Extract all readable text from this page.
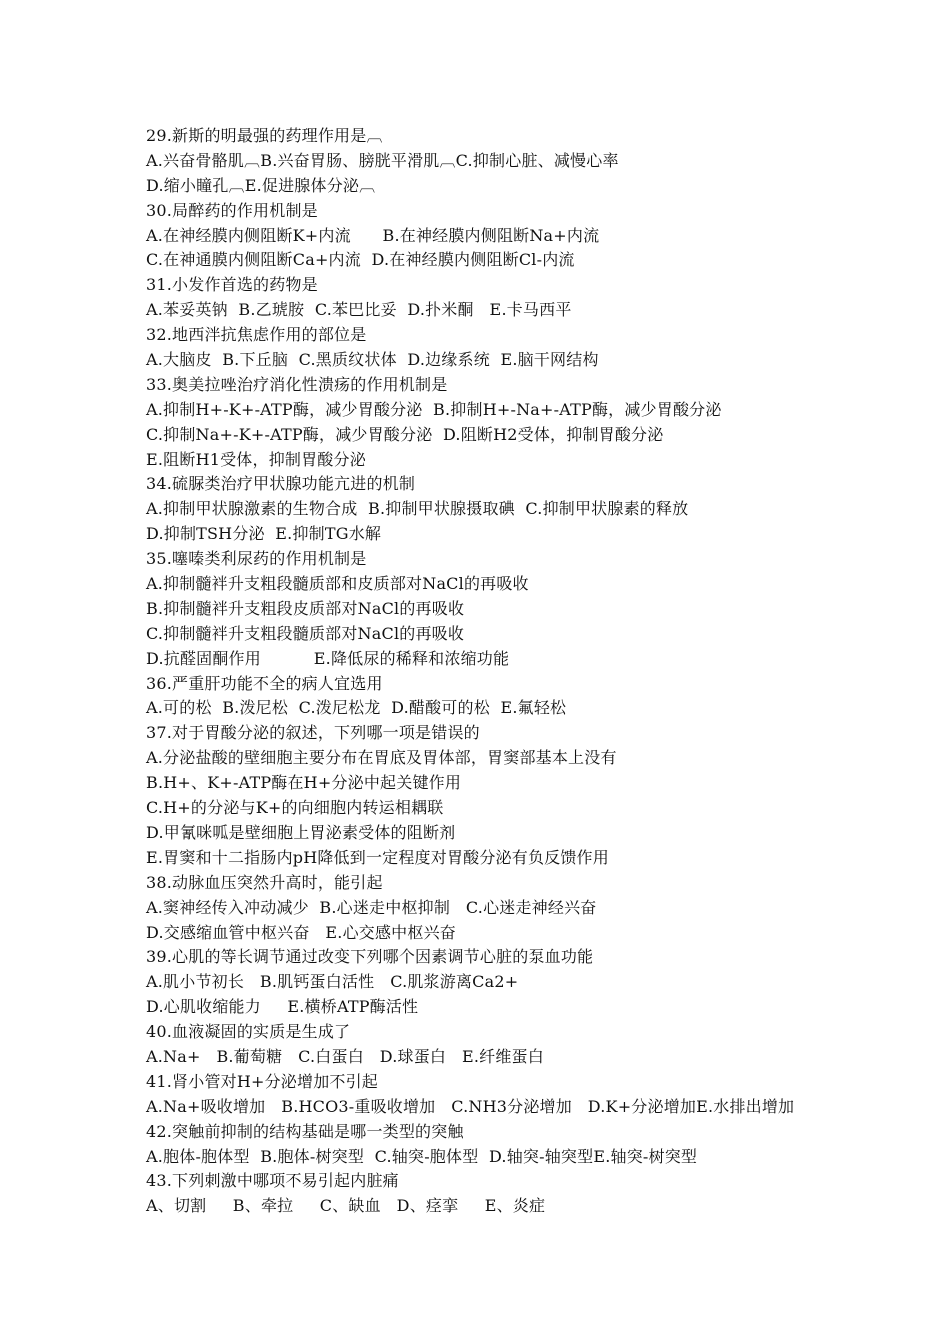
29.新斯的明最强的药理作用是︹
A.兴奋骨骼肌︹B.兴奋胃肠、膀胱平滑肌︹C.抑制心脏、减慢心率
D.缩小瞳孔︹E.促进腺体分泌︹
30.局醉药的作用机制是
A.在神经膜内侧阻断K+内流      B.在神经膜内侧阻断Na+内流
C.在神通膜内侧阻断Ca+内流  D.在神经膜内侧阻断Cl-内流
31.小发作首选的药物是
A.苯妥英钠  B.乙琥胺  C.苯巴比妥  D.扑米酮   E.卡马西平
32.地西泮抗焦虑作用的部位是
A.大脑皮  B.下丘脑  C.黑质纹状体  D.边缘系统  E.脑干网结构
33.奥美拉唑治疗消化性溃疡的作用机制是
A.抑制H+-K+-ATP酶，减少胃酸分泌  B.抑制H+-Na+-ATP酶，减少胃酸分泌
C.抑制Na+-K+-ATP酶，减少胃酸分泌  D.阻断H2受体，抑制胃酸分泌
E.阻断H1受体，抑制胃酸分泌
34.硫脲类治疗甲状腺功能亢进的机制
A.抑制甲状腺激素的生物合成  B.抑制甲状腺摄取碘  C.抑制甲状腺素的释放
D.抑制TSH分泌  E.抑制TG水解
35.噻嗪类利尿药的作用机制是
A.抑制髓袢升支粗段髓质部和皮质部对NaCl的再吸收
B.抑制髓袢升支粗段皮质部对NaCl的再吸收
C.抑制髓袢升支粗段髓质部对NaCl的再吸收
D.抗醛固酮作用          E.降低尿的稀释和浓缩功能
36.严重肝功能不全的病人宜选用
A.可的松  B.泼尼松  C.泼尼松龙  D.醋酸可的松  E.氟轻松
37.对于胃酸分泌的叙述，下列哪一项是错误的
A.分泌盐酸的壁细胞主要分布在胃底及胃体部，胃窦部基本上没有
B.H+、K+-ATP酶在H+分泌中起关键作用
C.H+的分泌与K+的向细胞内转运相耦联
D.甲氰咪呱是壁细胞上胃泌素受体的阻断剂
E.胃窦和十二指肠内pH降低到一定程度对胃酸分泌有负反馈作用
38.动脉血压突然升高时，能引起
A.窦神经传入冲动减少  B.心迷走中枢抑制   C.心迷走神经兴奋
D.交感缩血管中枢兴奋   E.心交感中枢兴奋
39.心肌的等长调节通过改变下列哪个因素调节心脏的泵血功能
A.肌小节初长   B.肌钙蛋白活性   C.肌浆游离Ca2+
D.心肌收缩能力     E.横桥ATP酶活性
40.血液凝固的实质是生成了
A.Na+   B.葡萄糖   C.白蛋白   D.球蛋白   E.纤维蛋白
41.肾小管对H+分泌增加不引起
A.Na+吸收增加   B.HCO3-重吸收增加   C.NH3分泌增加   D.K+分泌增加E.水排出增加
42.突触前抑制的结构基础是哪一类型的突触
A.胞体-胞体型  B.胞体-树突型  C.轴突-胞体型  D.轴突-轴突型E.轴突-树突型
43.下列刺激中哪项不易引起内脏痛
A、切割     B、牵拉     C、缺血   D、痉挛     E、炎症
